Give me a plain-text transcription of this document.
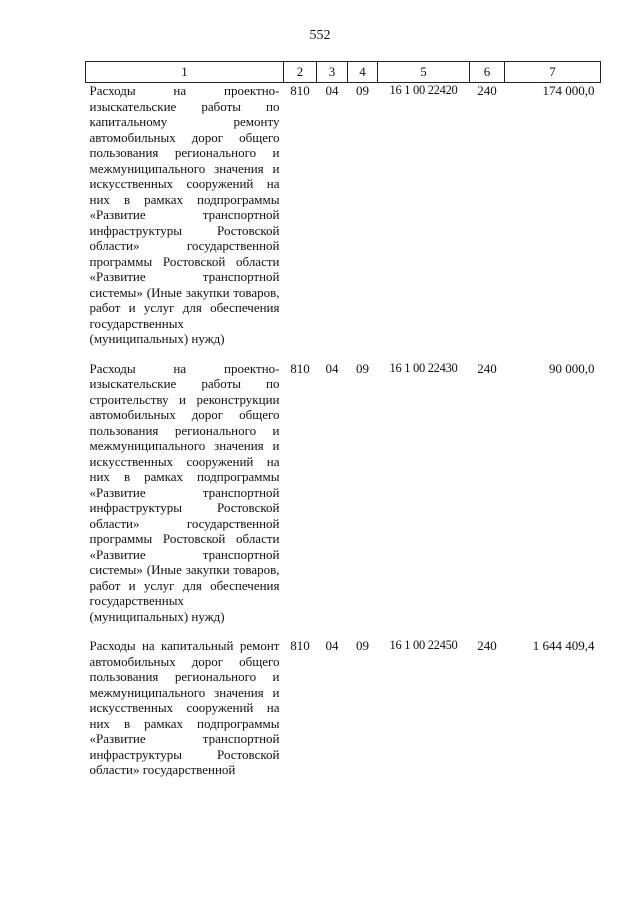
552
1	2	3	4	5	6	7
Расходы на проектно-изыскательские работы по капитальному ремонту автомобильных дорог общего пользования регионального и межмуниципального значения и искусственных сооружений на них в рамках подпрограммы «Развитие транспортной инфраструктуры Ростовской области» государственной программы Ростовской области «Развитие транспортной системы» (Иные закупки товаров, работ и услуг для обеспечения государственных (муниципальных) нужд)	810	04	09	16 1 00 22420	240	174 000,0
Расходы на проектно-изыскательские работы по строительству и реконструкции автомобильных дорог общего пользования регионального и межмуниципального значения и искусственных сооружений на них в рамках подпрограммы «Развитие транспортной инфраструктуры Ростовской области» государственной программы Ростовской области «Развитие транспортной системы» (Иные закупки товаров, работ и услуг для обеспечения государственных (муниципальных) нужд)	810	04	09	16 1 00 22430	240	90 000,0
Расходы на капитальный ремонт автомобильных дорог общего пользования регионального и межмуниципального значения и искусственных сооружений на них в рамках подпрограммы «Развитие транспортной инфраструктуры Ростовской области» государственной	810	04	09	16 1 00 22450	240	1 644 409,4
